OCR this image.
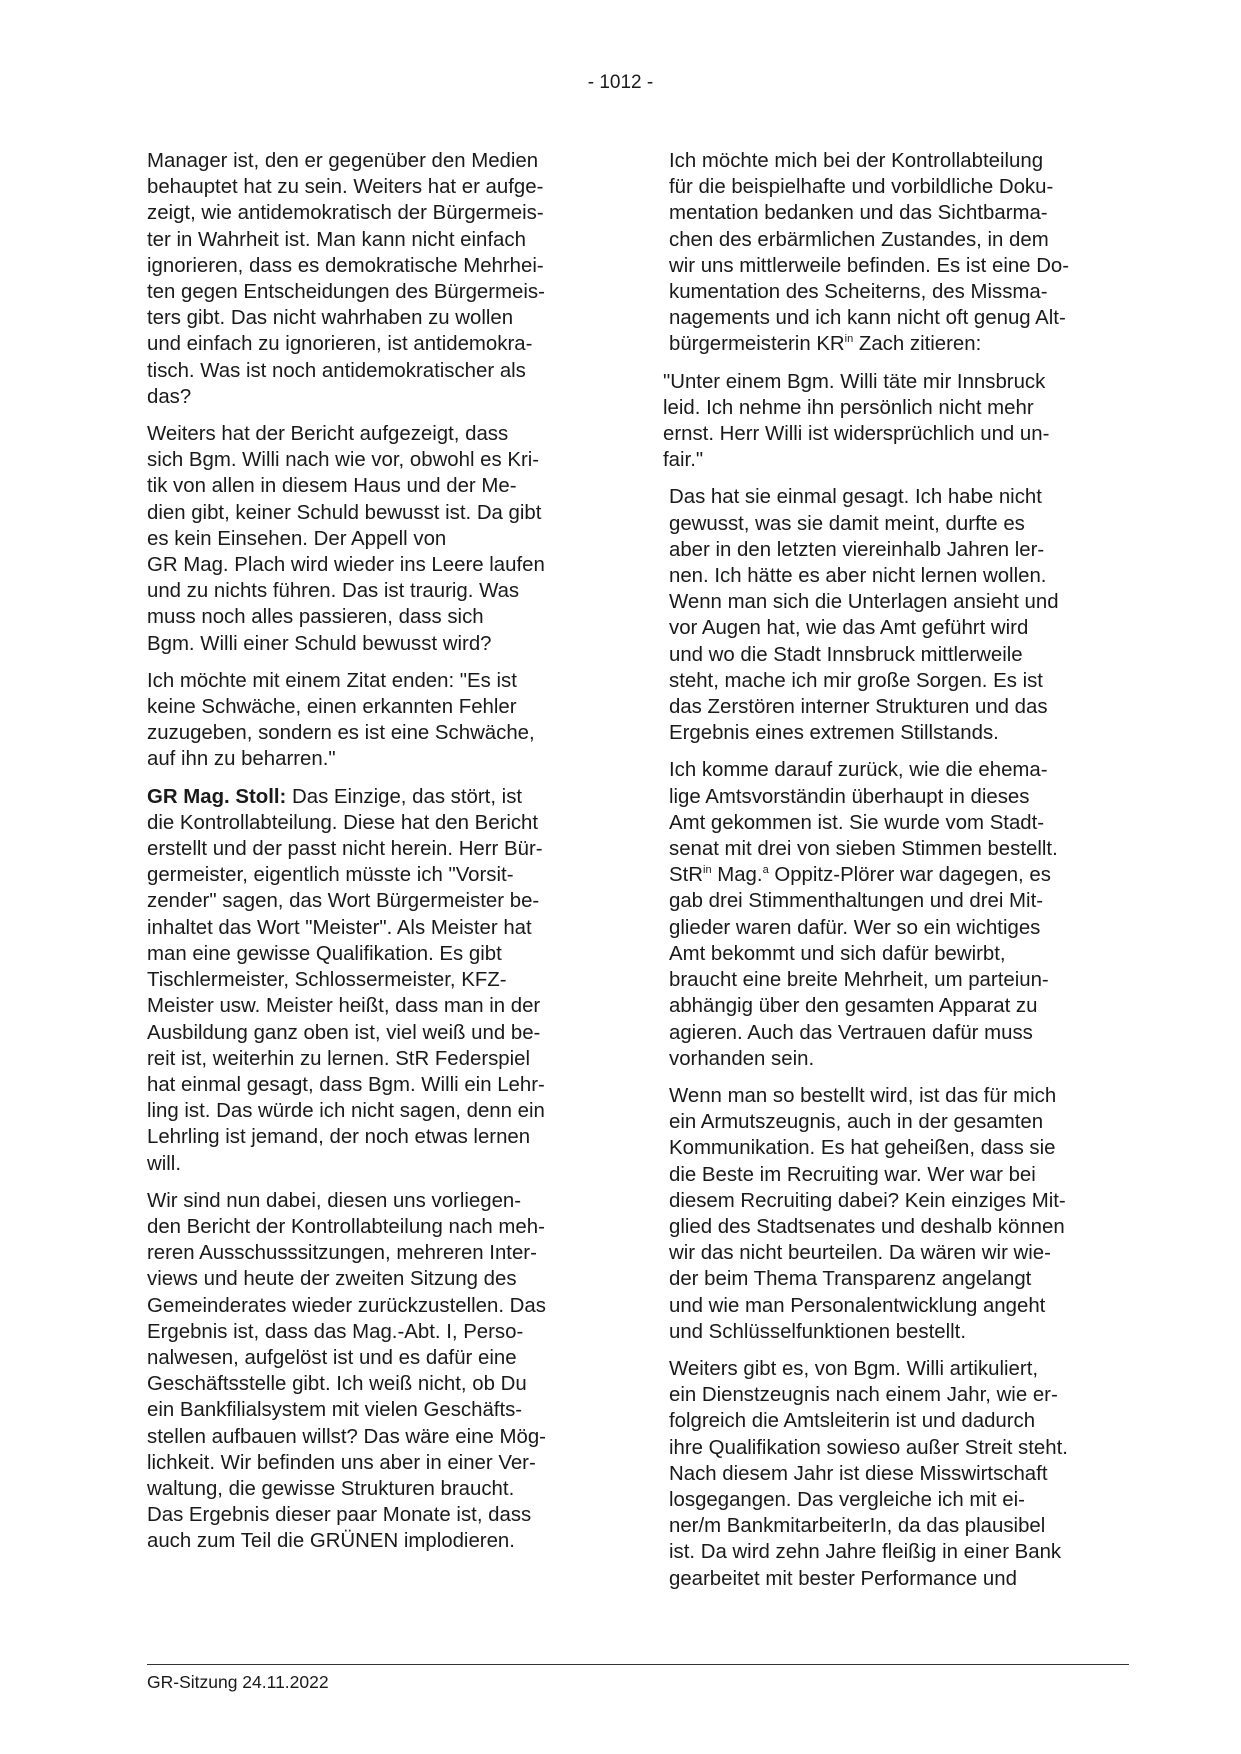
- 1012 -

Manager ist, den er gegenüber den Medien
behauptet hat zu sein. Weiters hat er aufge-
zeigt, wie antidemokratisch der Bürgermeis-
ter in Wahrheit ist. Man kann nicht einfach
ignorieren, dass es demokratische Mehrhei-
ten gegen Entscheidungen des Bürgermeis-
ters gibt. Das nicht wahrhaben zu wollen
und einfach zu ignorieren, ist antidemokra-
tisch. Was ist noch antidemokratischer als
das?

Weiters hat der Bericht aufgezeigt, dass
sich Bgm. Willi nach wie vor, obwohl es Kri-
tik von allen in diesem Haus und der Me-
dien gibt, keiner Schuld bewusst ist. Da gibt
es kein Einsehen. Der Appell von
GR Mag. Plach wird wieder ins Leere laufen
und zu nichts führen. Das ist traurig. Was
muss noch alles passieren, dass sich
Bgm. Willi einer Schuld bewusst wird?

Ich möchte mit einem Zitat enden: "Es ist
keine Schwäche, einen erkannten Fehler
zuzugeben, sondern es ist eine Schwäche,
auf ihn zu beharren."

GR Mag. Stoll: Das Einzige, das stört, ist
die Kontrollabteilung. Diese hat den Bericht
erstellt und der passt nicht herein. Herr Bür-
germeister, eigentlich müsste ich "Vorsit-
zender" sagen, das Wort Bürgermeister be-
inhaltet das Wort "Meister". Als Meister hat
man eine gewisse Qualifikation. Es gibt
Tischlermeister, Schlossermeister, KFZ-
Meister usw. Meister heißt, dass man in der
Ausbildung ganz oben ist, viel weiß und be-
reit ist, weiterhin zu lernen. StR Federspiel
hat einmal gesagt, dass Bgm. Willi ein Lehr-
ling ist. Das würde ich nicht sagen, denn ein
Lehrling ist jemand, der noch etwas lernen
will.

Wir sind nun dabei, diesen uns vorliegen-
den Bericht der Kontrollabteilung nach meh-
reren Ausschusssitzungen, mehreren Inter-
views und heute der zweiten Sitzung des
Gemeinderates wieder zurückzustellen. Das
Ergebnis ist, dass das Mag.-Abt. I, Perso-
nalwesen, aufgelöst ist und es dafür eine
Geschäftsstelle gibt. Ich weiß nicht, ob Du
ein Bankfilialsystem mit vielen Geschäfts-
stellen aufbauen willst? Das wäre eine Mög-
lichkeit. Wir befinden uns aber in einer Ver-
waltung, die gewisse Strukturen braucht.
Das Ergebnis dieser paar Monate ist, dass
auch zum Teil die GRÜNEN implodieren.

Ich möchte mich bei der Kontrollabteilung
für die beispielhafte und vorbildliche Doku-
mentation bedanken und das Sichtbarma-
chen des erbärmlichen Zustandes, in dem
wir uns mittlerweile befinden. Es ist eine Do-
kumentation des Scheiterns, des Missma-
nagements und ich kann nicht oft genug Alt-
bürgermeisterin $KR^{in}$ Zach zitieren:

"Unter einem Bgm. Willi täte mir Innsbruck
leid. Ich nehme ihn persönlich nicht mehr
ernst. Herr Willi ist widersprüchlich und un-
fair."

Das hat sie einmal gesagt. Ich habe nicht
gewusst, was sie damit meint, durfte es
aber in den letzten viereinhalb Jahren ler-
nen. Ich hätte es aber nicht lernen wollen.
Wenn man sich die Unterlagen ansieht und
vor Augen hat, wie das Amt geführt wird
und wo die Stadt Innsbruck mittlerweile
steht, mache ich mir große Sorgen. Es ist
das Zerstören interner Strukturen und das
Ergebnis eines extremen Stillstands.

Ich komme darauf zurück, wie die ehema-
lige Amtsvorständin überhaupt in dieses
Amt gekommen ist. Sie wurde vom Stadt-
senat mit drei von sieben Stimmen bestellt.
StR$^{in}$ Mag.$^a$ Oppitz-Plörer war dagegen, es
gab drei Stimmenthaltungen und drei Mit-
glieder waren dafür. Wer so ein wichtiges
Amt bekommt und sich dafür bewirbt,
braucht eine breite Mehrheit, um parteiun-
abhängig über den gesamten Apparat zu
agieren. Auch das Vertrauen dafür muss
vorhanden sein.

Wenn man so bestellt wird, ist das für mich
ein Armutszeugnis, auch in der gesamten
Kommunikation. Es hat geheißen, dass sie
die Beste im Recruiting war. Wer war bei
diesem Recruiting dabei? Kein einziges Mit-
glied des Stadtsenates und deshalb können
wir das nicht beurteilen. Da wären wir wie-
der beim Thema Transparenz angelangt
und wie man Personalentwicklung angeht
und Schlüsselfunktionen bestellt.

Weiters gibt es, von Bgm. Willi artikuliert,
ein Dienstzeugnis nach einem Jahr, wie er-
folgreich die Amtsleiterin ist und dadurch
ihre Qualifikation sowieso außer Streit steht.
Nach diesem Jahr ist diese Misswirtschaft
losgegangen. Das vergleiche ich mit ei-
ner/m BankmitarbeiterIn, da das plausibel
ist. Da wird zehn Jahre fleißig in einer Bank
gearbeitet mit bester Performance und

GR-Sitzung 24.11.2022
